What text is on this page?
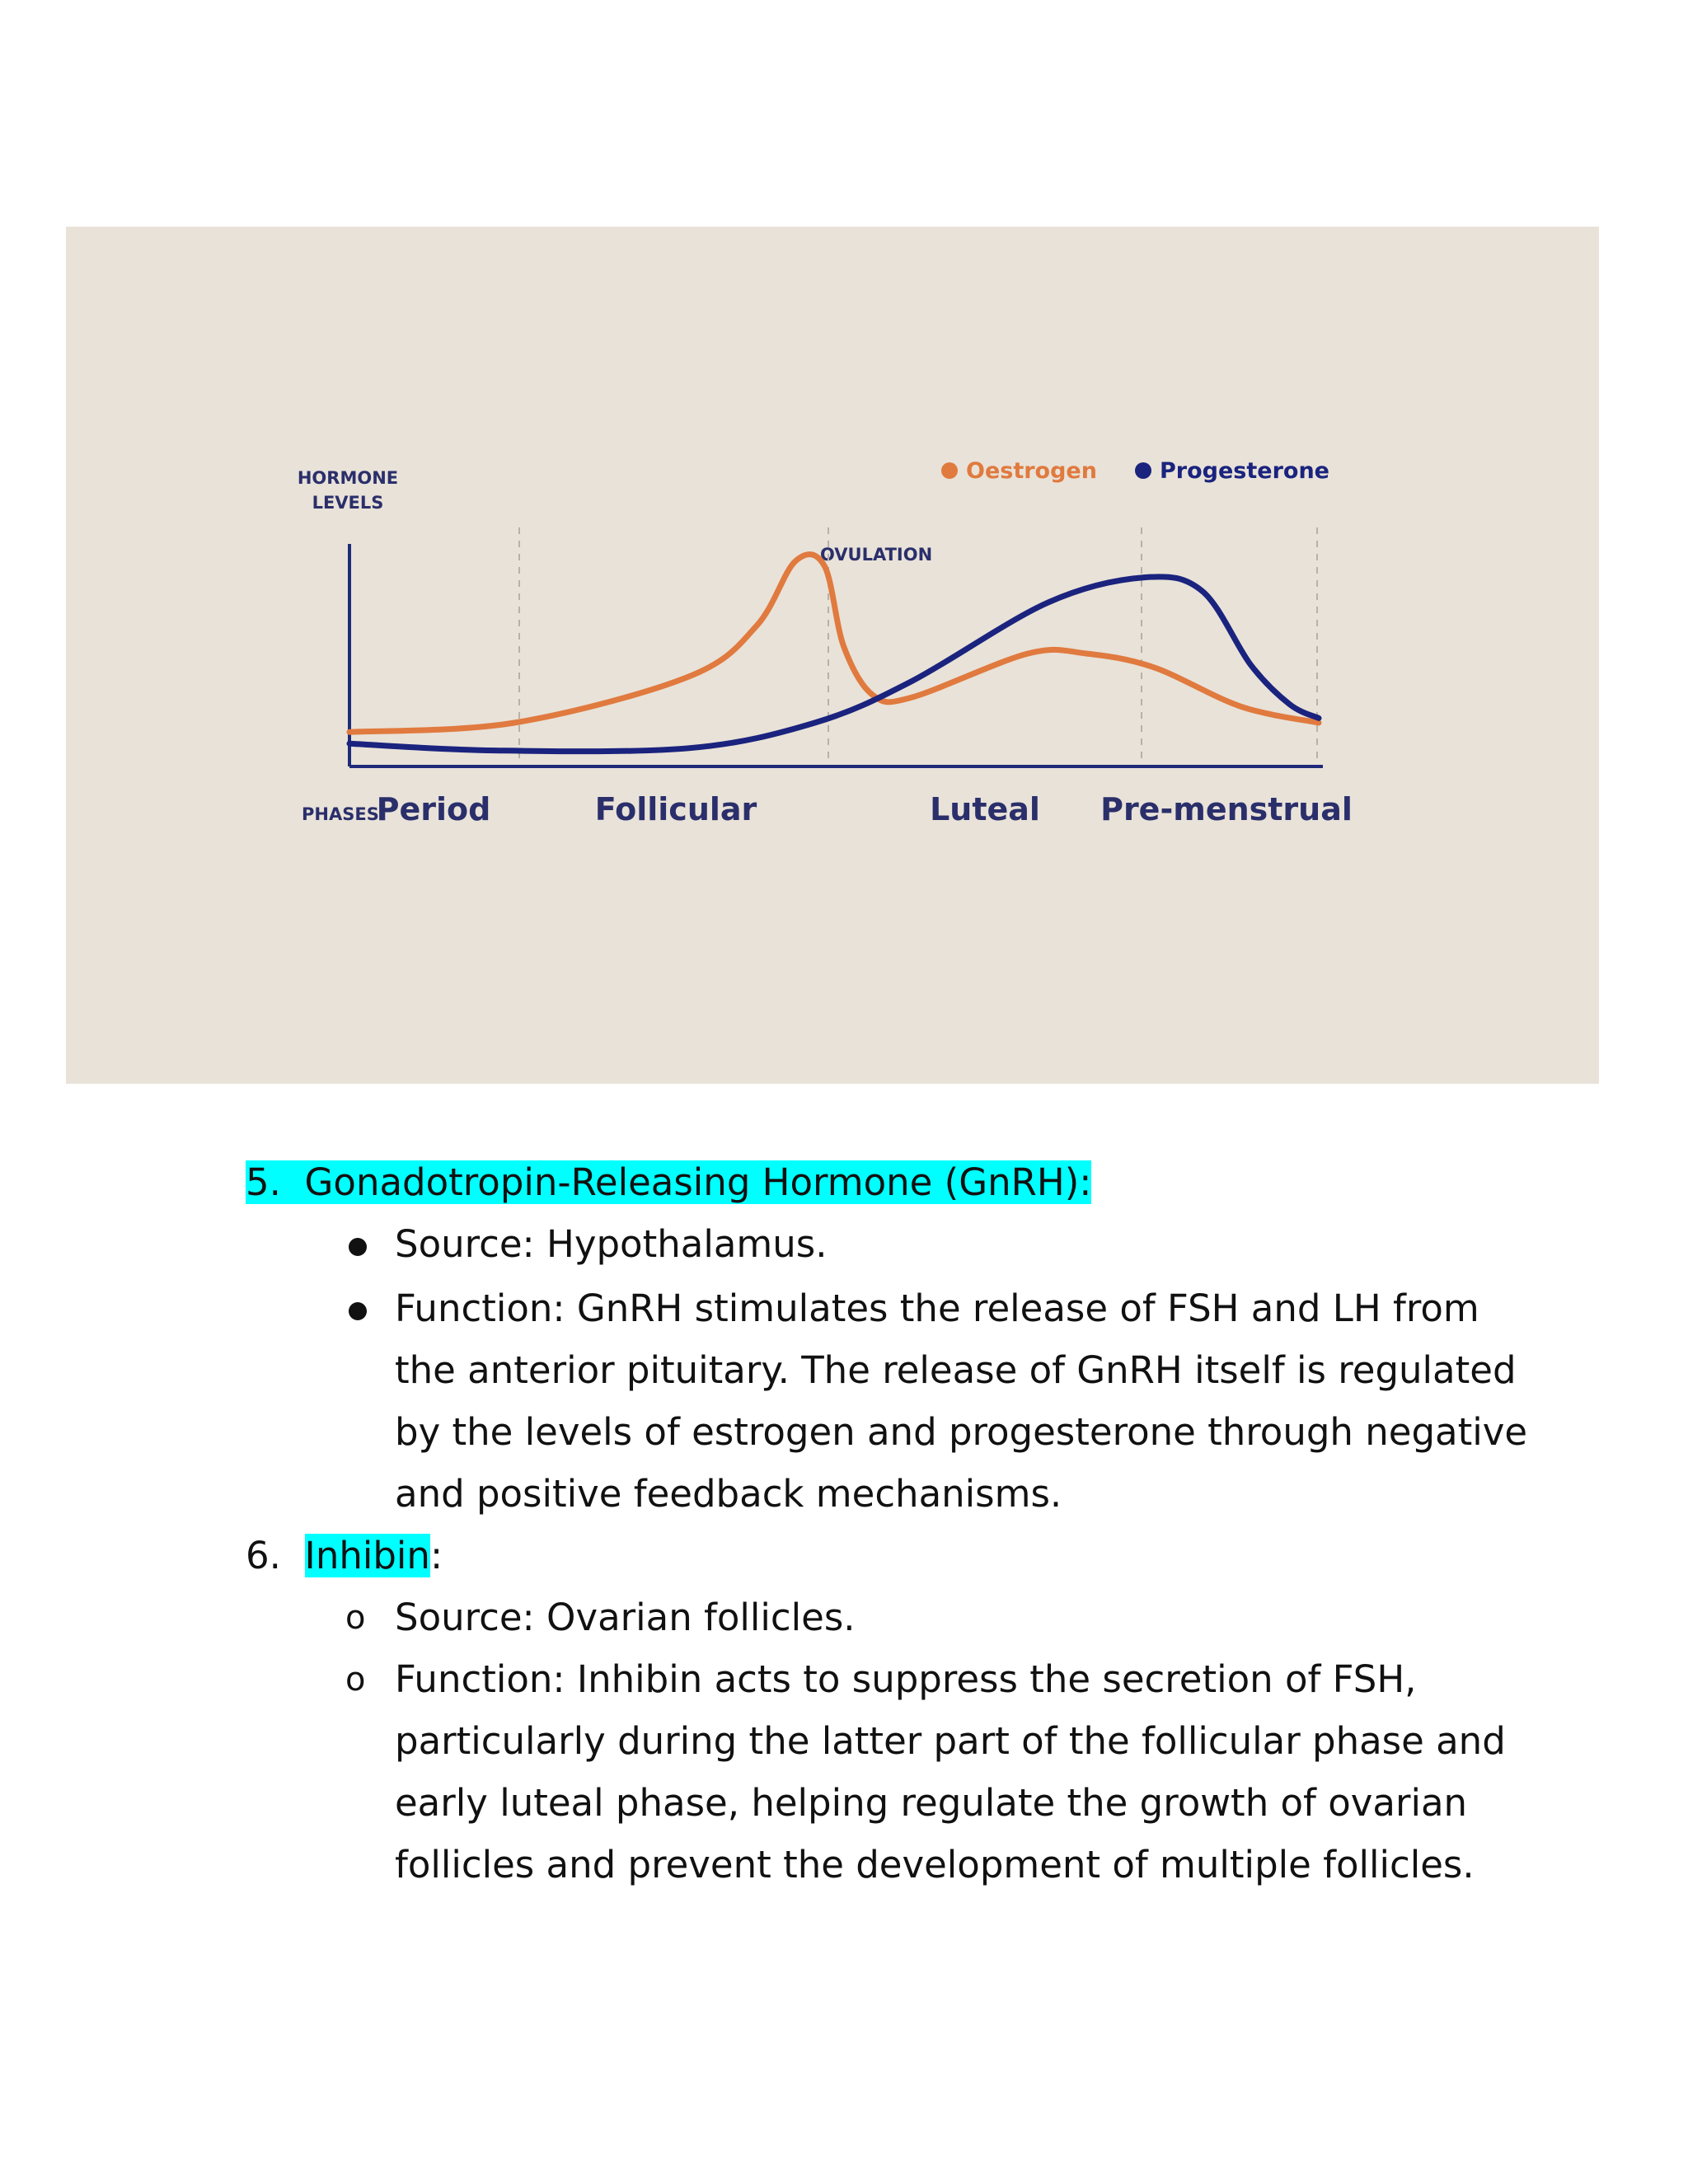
HORMONE
LEVELS
PHASES
OVULATION
Oestrogen	Progesterone
Period	Follicular	Luteal Pre-menstrual
5. Gonadotropin-Releasing Hormone (GnRH):
Source: Hypothalamus.
Function: GnRH stimulates the release of FSH and LH from
the anterior pituitary. The release of GnRH itself is regulated
by the levels of estrogen and progesterone through negative
and positive feedback mechanisms.
6. Inhibin:
o Source: Ovarian follicles.
o Function: Inhibin acts to suppress the secretion of FSH,
particularly during the latter part of the follicular phase and
early luteal phase, helping regulate the growth of ovarian
follicles and prevent the development of multiple follicles.
